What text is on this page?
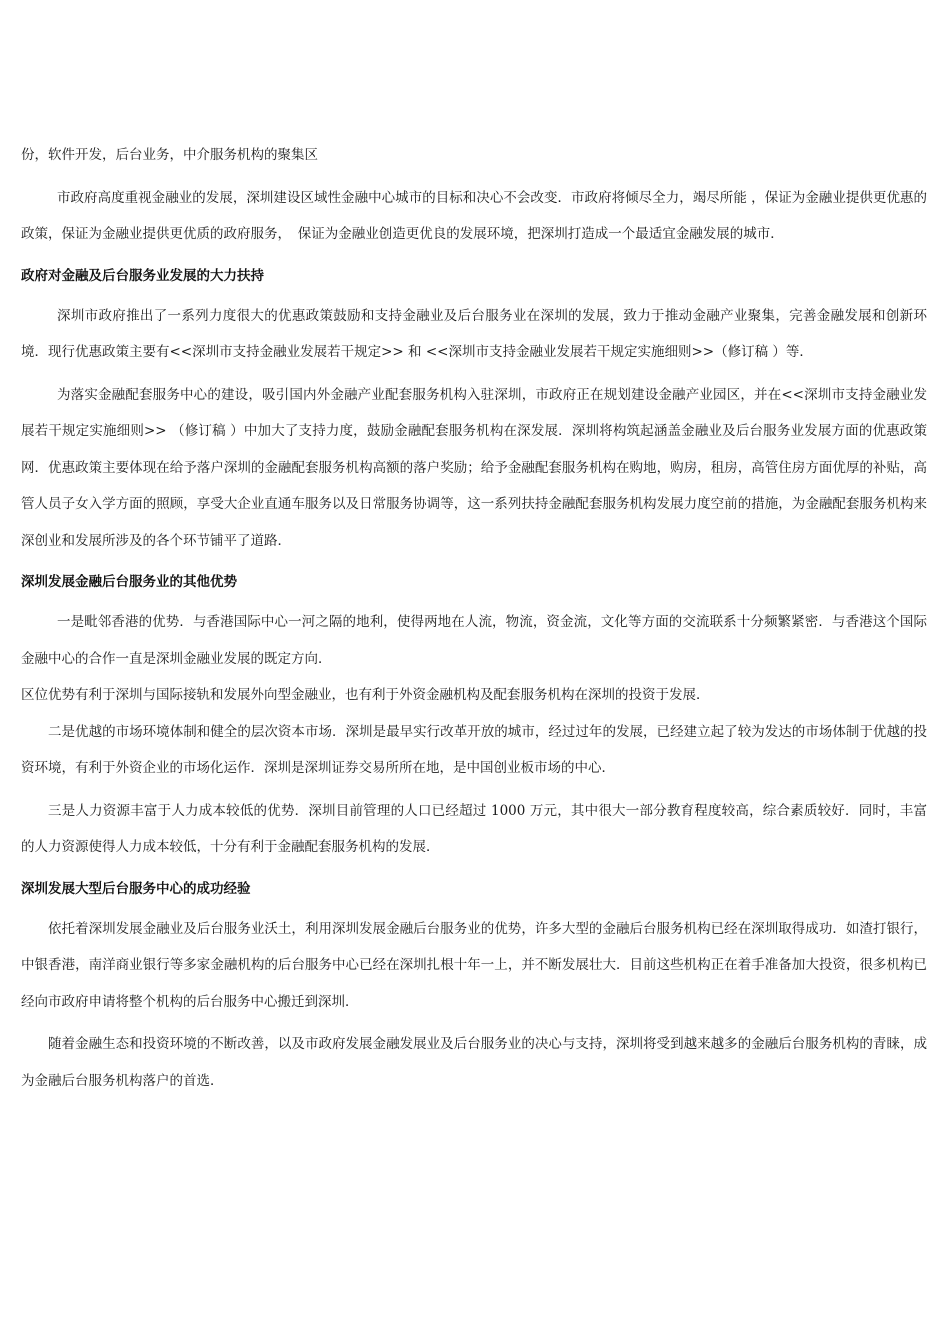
份，软件开发，后台业务，中介服务机构的聚集区

市政府高度重视金融业的发展，深圳建设区域性金融中心城市的目标和决心不会改变．市政府将倾尽全力，竭尽所能 ，保证为金融业提供更优惠的政策，保证为金融业提供更优质的政府服务，　保证为金融业创造更优良的发展环境，把深圳打造成一个最适宜金融发展的城市．

政府对金融及后台服务业发展的大力扶持

深圳市政府推出了一系列力度很大的优惠政策鼓励和支持金融业及后台服务业在深圳的发展，致力于推动金融产业聚集，完善金融发展和创新环境．现行优惠政策主要有<<深圳市支持金融业发展若干规定>> 和 <<深圳市支持金融业发展若干规定实施细则>>（修订稿 ）等．

为落实金融配套服务中心的建设，吸引国内外金融产业配套服务机构入驻深圳，市政府正在规划建设金融产业园区，并在<<深圳市支持金融业发展若干规定实施细则>> （修订稿 ）中加大了支持力度，鼓励金融配套服务机构在深发展．深圳将构筑起涵盖金融业及后台服务业发展方面的优惠政策网．优惠政策主要体现在给予落户深圳的金融配套服务机构高额的落户奖励；给予金融配套服务机构在购地，购房，租房，高管住房方面优厚的补贴，高管人员子女入学方面的照顾，享受大企业直通车服务以及日常服务协调等，这一系列扶持金融配套服务机构发展力度空前的措施，为金融配套服务机构来深创业和发展所涉及的各个环节铺平了道路．

深圳发展金融后台服务业的其他优势

一是毗邻香港的优势．与香港国际中心一河之隔的地利，使得两地在人流，物流，资金流，文化等方面的交流联系十分频繁紧密．与香港这个国际金融中心的合作一直是深圳金融业发展的既定方向．

区位优势有利于深圳与国际接轨和发展外向型金融业，也有利于外资金融机构及配套服务机构在深圳的投资于发展．

二是优越的市场环境体制和健全的层次资本市场．深圳是最早实行改革开放的城市，经过过年的发展，已经建立起了较为发达的市场体制于优越的投资环境，有利于外资企业的市场化运作．深圳是深圳证券交易所所在地，是中国创业板市场的中心．

三是人力资源丰富于人力成本较低的优势．深圳目前管理的人口已经超过 1000 万元，其中很大一部分教育程度较高，综合素质较好．同时，丰富的人力资源使得人力成本较低，十分有利于金融配套服务机构的发展．

深圳发展大型后台服务中心的成功经验

依托着深圳发展金融业及后台服务业沃土，利用深圳发展金融后台服务业的优势，许多大型的金融后台服务机构已经在深圳取得成功．如渣打银行，中银香港，南洋商业银行等多家金融机构的后台服务中心已经在深圳扎根十年一上，并不断发展壮大．目前这些机构正在着手准备加大投资，很多机构已经向市政府申请将整个机构的后台服务中心搬迁到深圳．

随着金融生态和投资环境的不断改善，以及市政府发展金融发展业及后台服务业的决心与支持，深圳将受到越来越多的金融后台服务机构的青睐，成为金融后台服务机构落户的首选．
